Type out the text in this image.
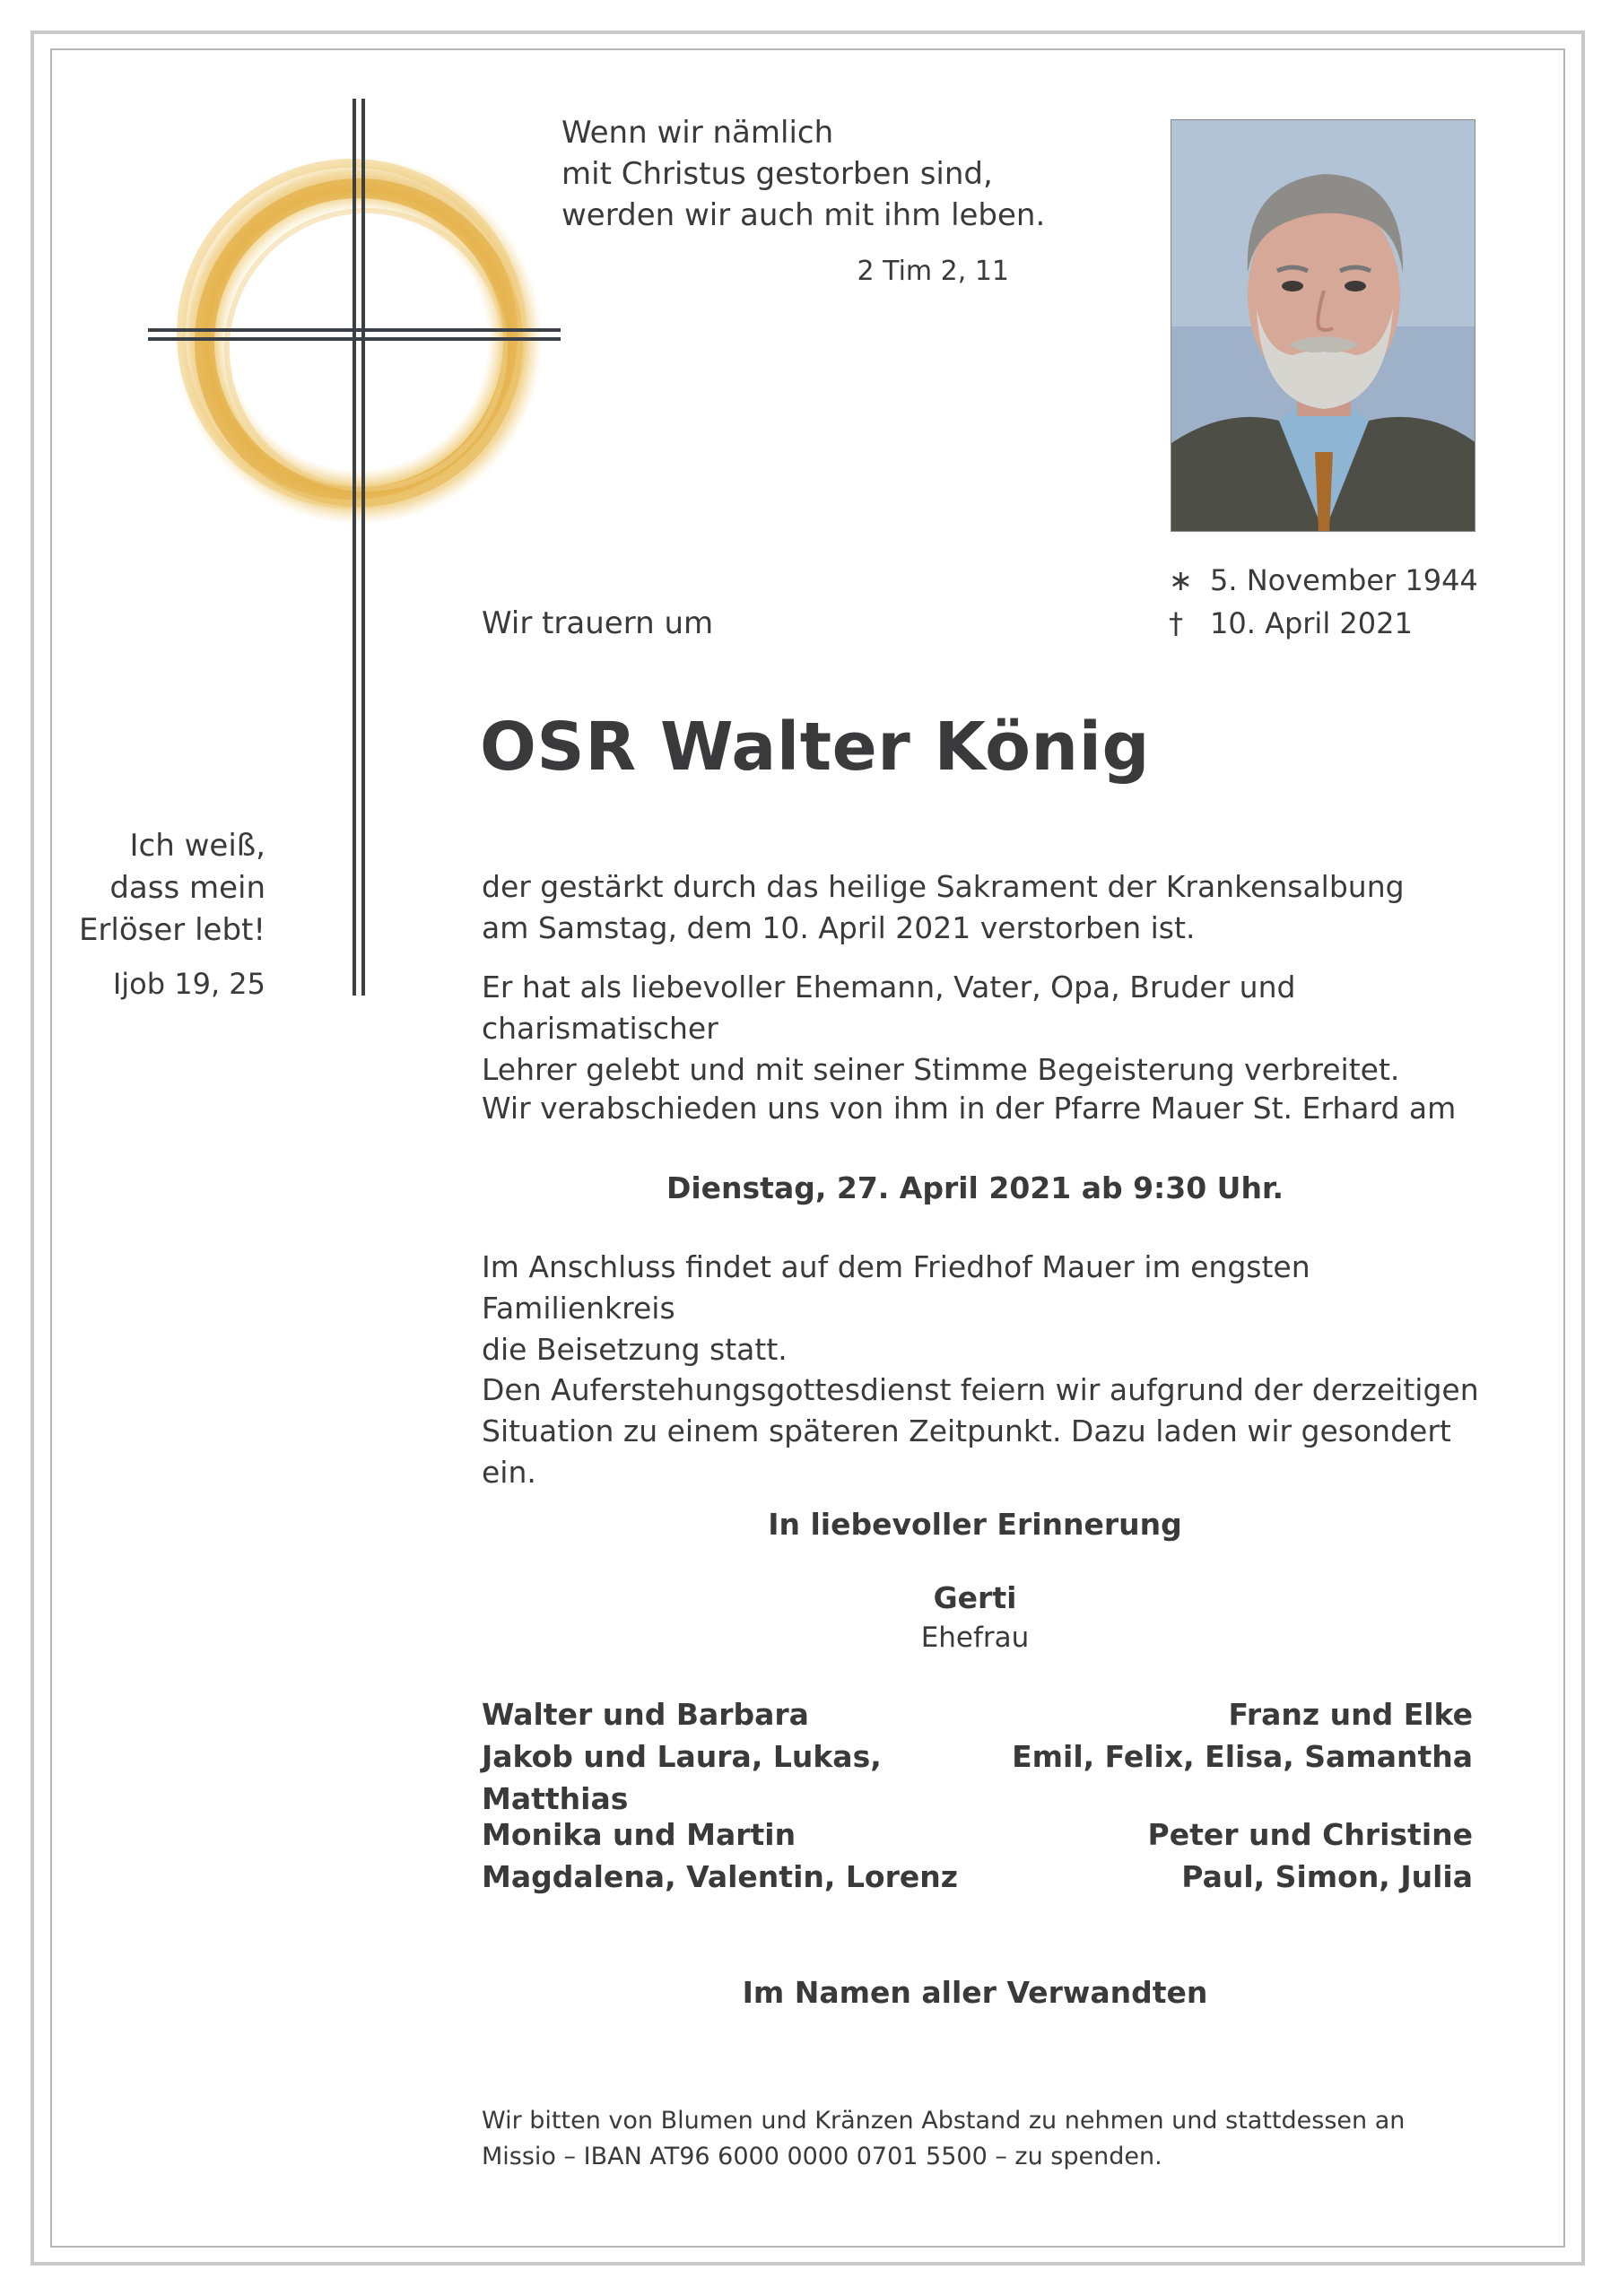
Wenn wir nämlich
mit Christus gestorben sind,
werden wir auch mit ihm leben.
2 Tim 2, 11
∗ 5. November 1944
† 10. April 2021
Wir trauern um
OSR Walter König
Ich weiß,
dass mein
Erlöser lebt!
Ijob 19, 25
der gestärkt durch das heilige Sakrament der Krankensalbung
am Samstag, dem 10. April 2021 verstorben ist.
Er hat als liebevoller Ehemann, Vater, Opa, Bruder und charismatischer
Lehrer gelebt und mit seiner Stimme Begeisterung verbreitet.
Wir verabschieden uns von ihm in der Pfarre Mauer St. Erhard am
Dienstag, 27. April 2021 ab 9:30 Uhr.
Im Anschluss findet auf dem Friedhof Mauer im engsten Familienkreis
die Beisetzung statt.
Den Auferstehungsgottesdienst feiern wir aufgrund der derzeitigen
Situation zu einem späteren Zeitpunkt. Dazu laden wir gesondert ein.
In liebevoller Erinnerung
Gerti
Ehefrau
Walter und Barbara
Jakob und Laura, Lukas, Matthias
Franz und Elke
Emil, Felix, Elisa, Samantha
Monika und Martin
Magdalena, Valentin, Lorenz
Peter und Christine
Paul, Simon, Julia
Im Namen aller Verwandten
Wir bitten von Blumen und Kränzen Abstand zu nehmen und stattdessen an
Missio – IBAN AT96 6000 0000 0701 5500 – zu spenden.
